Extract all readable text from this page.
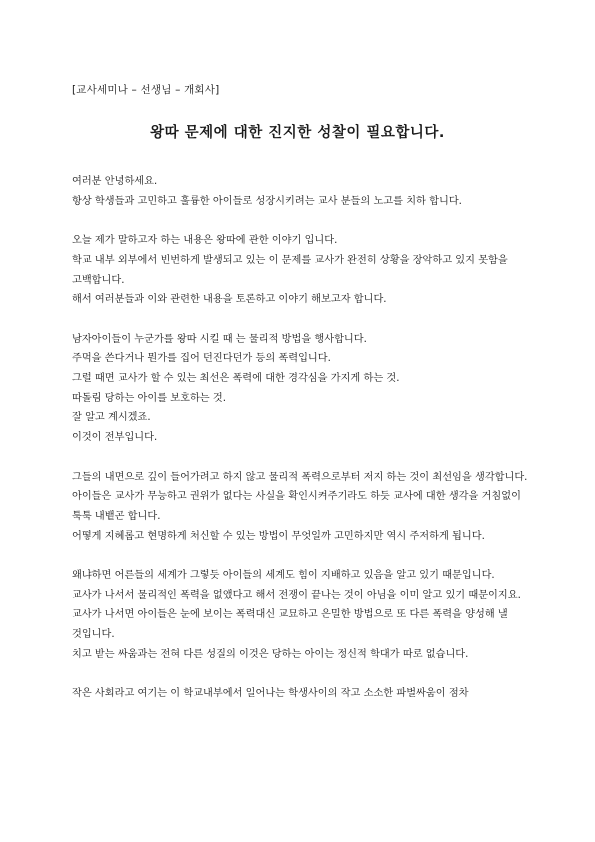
[교사세미나 – 선생님 – 개회사]
왕따 문제에 대한 진지한 성찰이 필요합니다.
여러분 안녕하세요.
항상 학생들과 고민하고 훌륭한 아이들로 성장시키려는 교사 분들의 노고를 치하 합니다.
오늘 제가 말하고자 하는 내용은 왕따에 관한 이야기 입니다.
학교 내부 외부에서 빈번하게 발생되고 있는 이 문제를 교사가 완전히 상황을 장악하고 있지 못함을 고백합니다.
해서 여러분들과 이와 관련한 내용을 토론하고 이야기 해보고자 합니다.
남자아이들이 누군가를 왕따 시킬 때 는 물리적 방법을 행사합니다.
주먹을 쓴다거나 뭔가를 집어 던진다던가 등의 폭력입니다.
그럴 때면 교사가 할 수 있는 최선은 폭력에 대한 경각심을 가지게 하는 것.
따돌림 당하는 아이를 보호하는 것.
잘 알고 계시겠죠.
이것이 전부입니다.
그들의 내면으로 깊이 들어가려고 하지 않고 물리적 폭력으로부터 저지 하는 것이 최선임을 생각합니다.
아이들은 교사가 무능하고 권위가 없다는 사실을 확인시켜주기라도 하듯 교사에 대한 생각을 거침없이 툭툭 내뱉곤 합니다.
어떻게 지혜롭고 현명하게 처신할 수 있는 방법이 무엇일까 고민하지만 역시 주저하게 됩니다.
왜냐하면 어른들의 세계가 그렇듯 아이들의 세계도 힘이 지배하고 있음을 알고 있기 때문입니다.
교사가 나서서 물리적인 폭력을 없앴다고 해서 전쟁이 끝나는 것이 아님을 이미 알고 있기 때문이지요.
교사가 나서면 아이들은 눈에 보이는 폭력대신 교묘하고 은밀한 방법으로 또 다른 폭력을 양성해 낼 것입니다.
치고 받는 싸움과는 전혀 다른 성질의 이것은 당하는 아이는 정신적 학대가 따로 없습니다.
작은 사회라고 여기는 이 학교내부에서 일어나는 학생사이의 작고 소소한 파벌싸움이 점차
